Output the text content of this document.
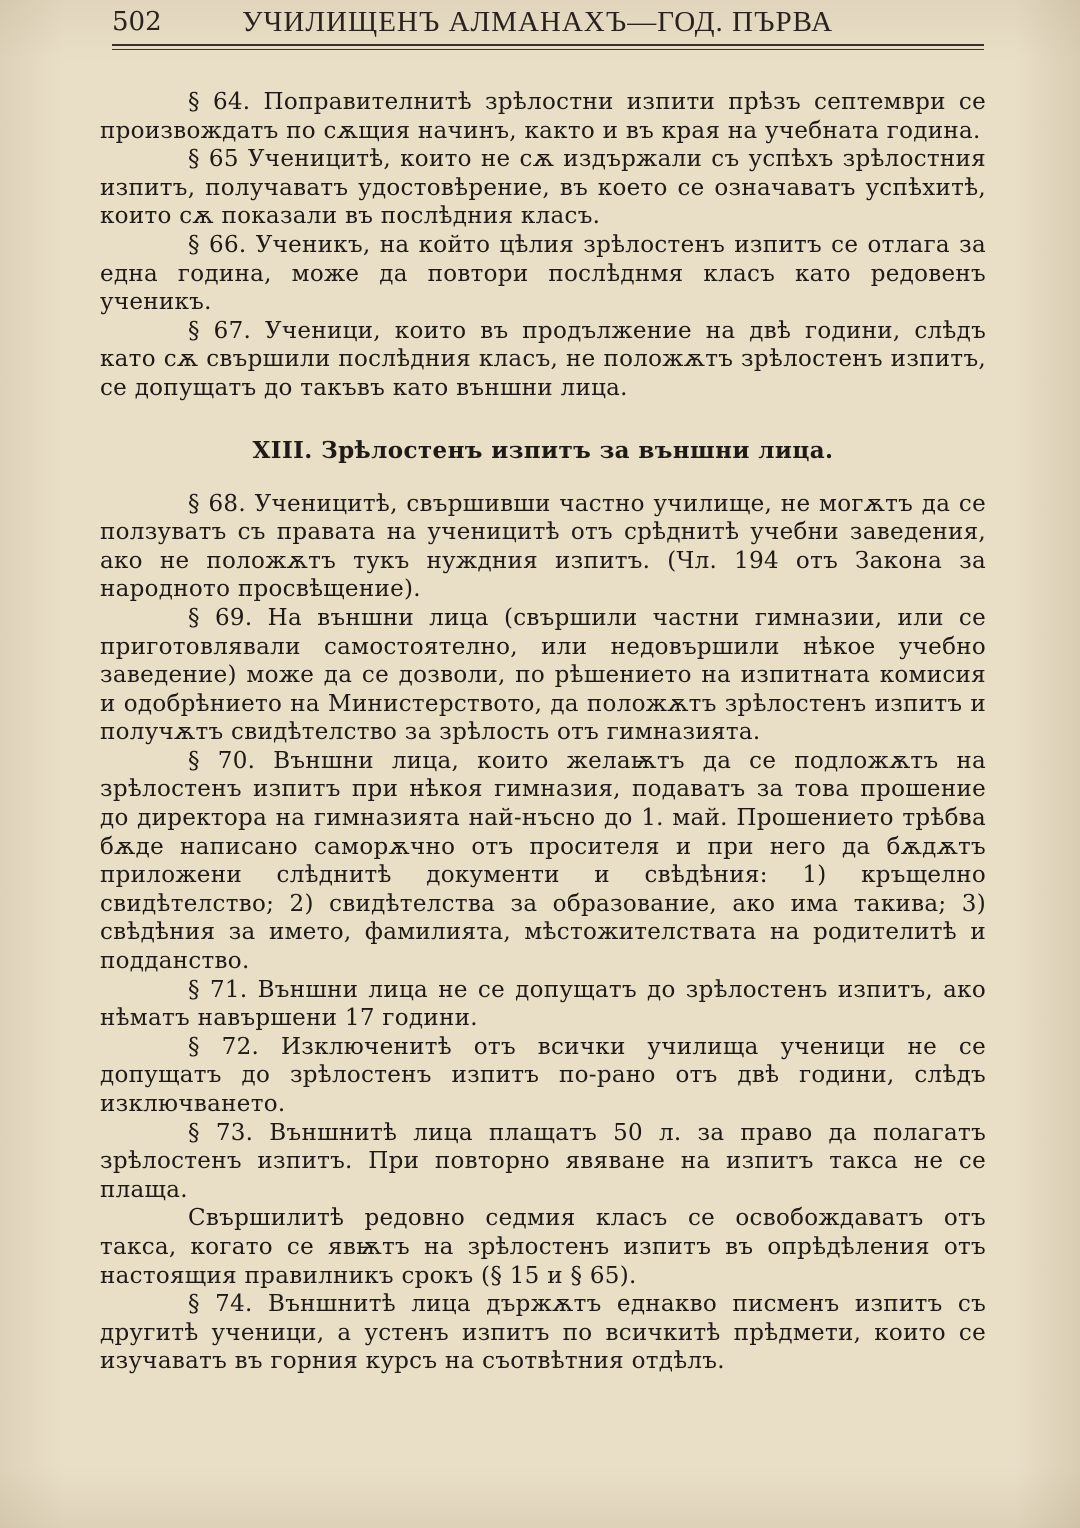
502	УЧИЛИЩЕНЪ АЛМАНАХЪ—ГОД. ПЪРВА

§ 64. Поправителнитѣ зрѣлостни изпити прѣзъ септември се произвождатъ по сѫщия начинъ, както и въ края на учебната година.

§ 65 Ученицитѣ, които не сѫ издържали съ успѣхъ зрѣлостния изпитъ, получаватъ удостовѣрение, въ което се означаватъ успѣхитѣ, които сѫ показали въ послѣдния класъ.

§ 66. Ученикъ, на който цѣлия зрѣлостенъ изпитъ се отлага за една година, може да повтори послѣднмя класъ като редовенъ ученикъ.

§ 67. Ученици, които въ продължение на двѣ години, слѣдъ като сѫ свършили послѣдния класъ, не положѫтъ зрѣлостенъ изпитъ, се допущатъ до такъвъ като външни лица.

XIII. Зрѣлостенъ изпитъ за външни лица.

§ 68. Ученицитѣ, свършивши частно училище, не могѫтъ да се ползуватъ съ правата на ученицитѣ отъ срѣднитѣ учебни заведения, ако не положѫтъ тукъ нуждния изпитъ. (Чл. 194 отъ Закона за народното просвѣщение).

§ 69. На външни лица (свършили частни гимназии, или се приготовлявали самостоятелно, или недовършили нѣкое учебно заведение) може да се дозволи, по рѣшението на изпитната комисия и одобрѣнието на Министерството, да положѫтъ зрѣлостенъ изпитъ и получѫтъ свидѣтелство за зрѣлость отъ гимназията.

§ 70. Външни лица, които желаѭтъ да се подложѫтъ на зрѣлостенъ изпитъ при нѣкоя гимназия, подаватъ за това прошение до директора на гимназията най-нъсно до 1. май. Прошението трѣбва бѫде написано саморѫчно отъ просителя и при него да бѫдѫтъ приложени слѣднитѣ документи и свѣдѣния: 1) кръщелно свидѣтелство; 2) свидѣтелства за образование, ако има такива; 3) свѣдѣния за името, фамилията, мѣстожителствата на родителитѣ и подданство.

§ 71. Външни лица не се допущатъ до зрѣлостенъ изпитъ, ако нѣматъ навършени 17 години.

§ 72. Изключенитѣ отъ всички училища ученици не се допущатъ до зрѣлостенъ изпитъ по-рано отъ двѣ години, слѣдъ изключването.

§ 73. Външнитѣ лица плащатъ 50 л. за право да полагатъ зрѣлостенъ изпитъ. При повторно явяване на изпитъ такса не се плаща.

Свършилитѣ редовно седмия класъ се освобождаватъ отъ такса, когато се явѭтъ на зрѣлостенъ изпитъ въ опрѣдѣления отъ настоящия правилникъ срокъ (§ 15 и § 65).

§ 74. Външнитѣ лица държѫтъ еднакво писменъ изпитъ съ другитѣ ученици, а устенъ изпитъ по всичкитѣ прѣдмети, които се изучаватъ въ горния курсъ на съотвѣтния отдѣлъ.
